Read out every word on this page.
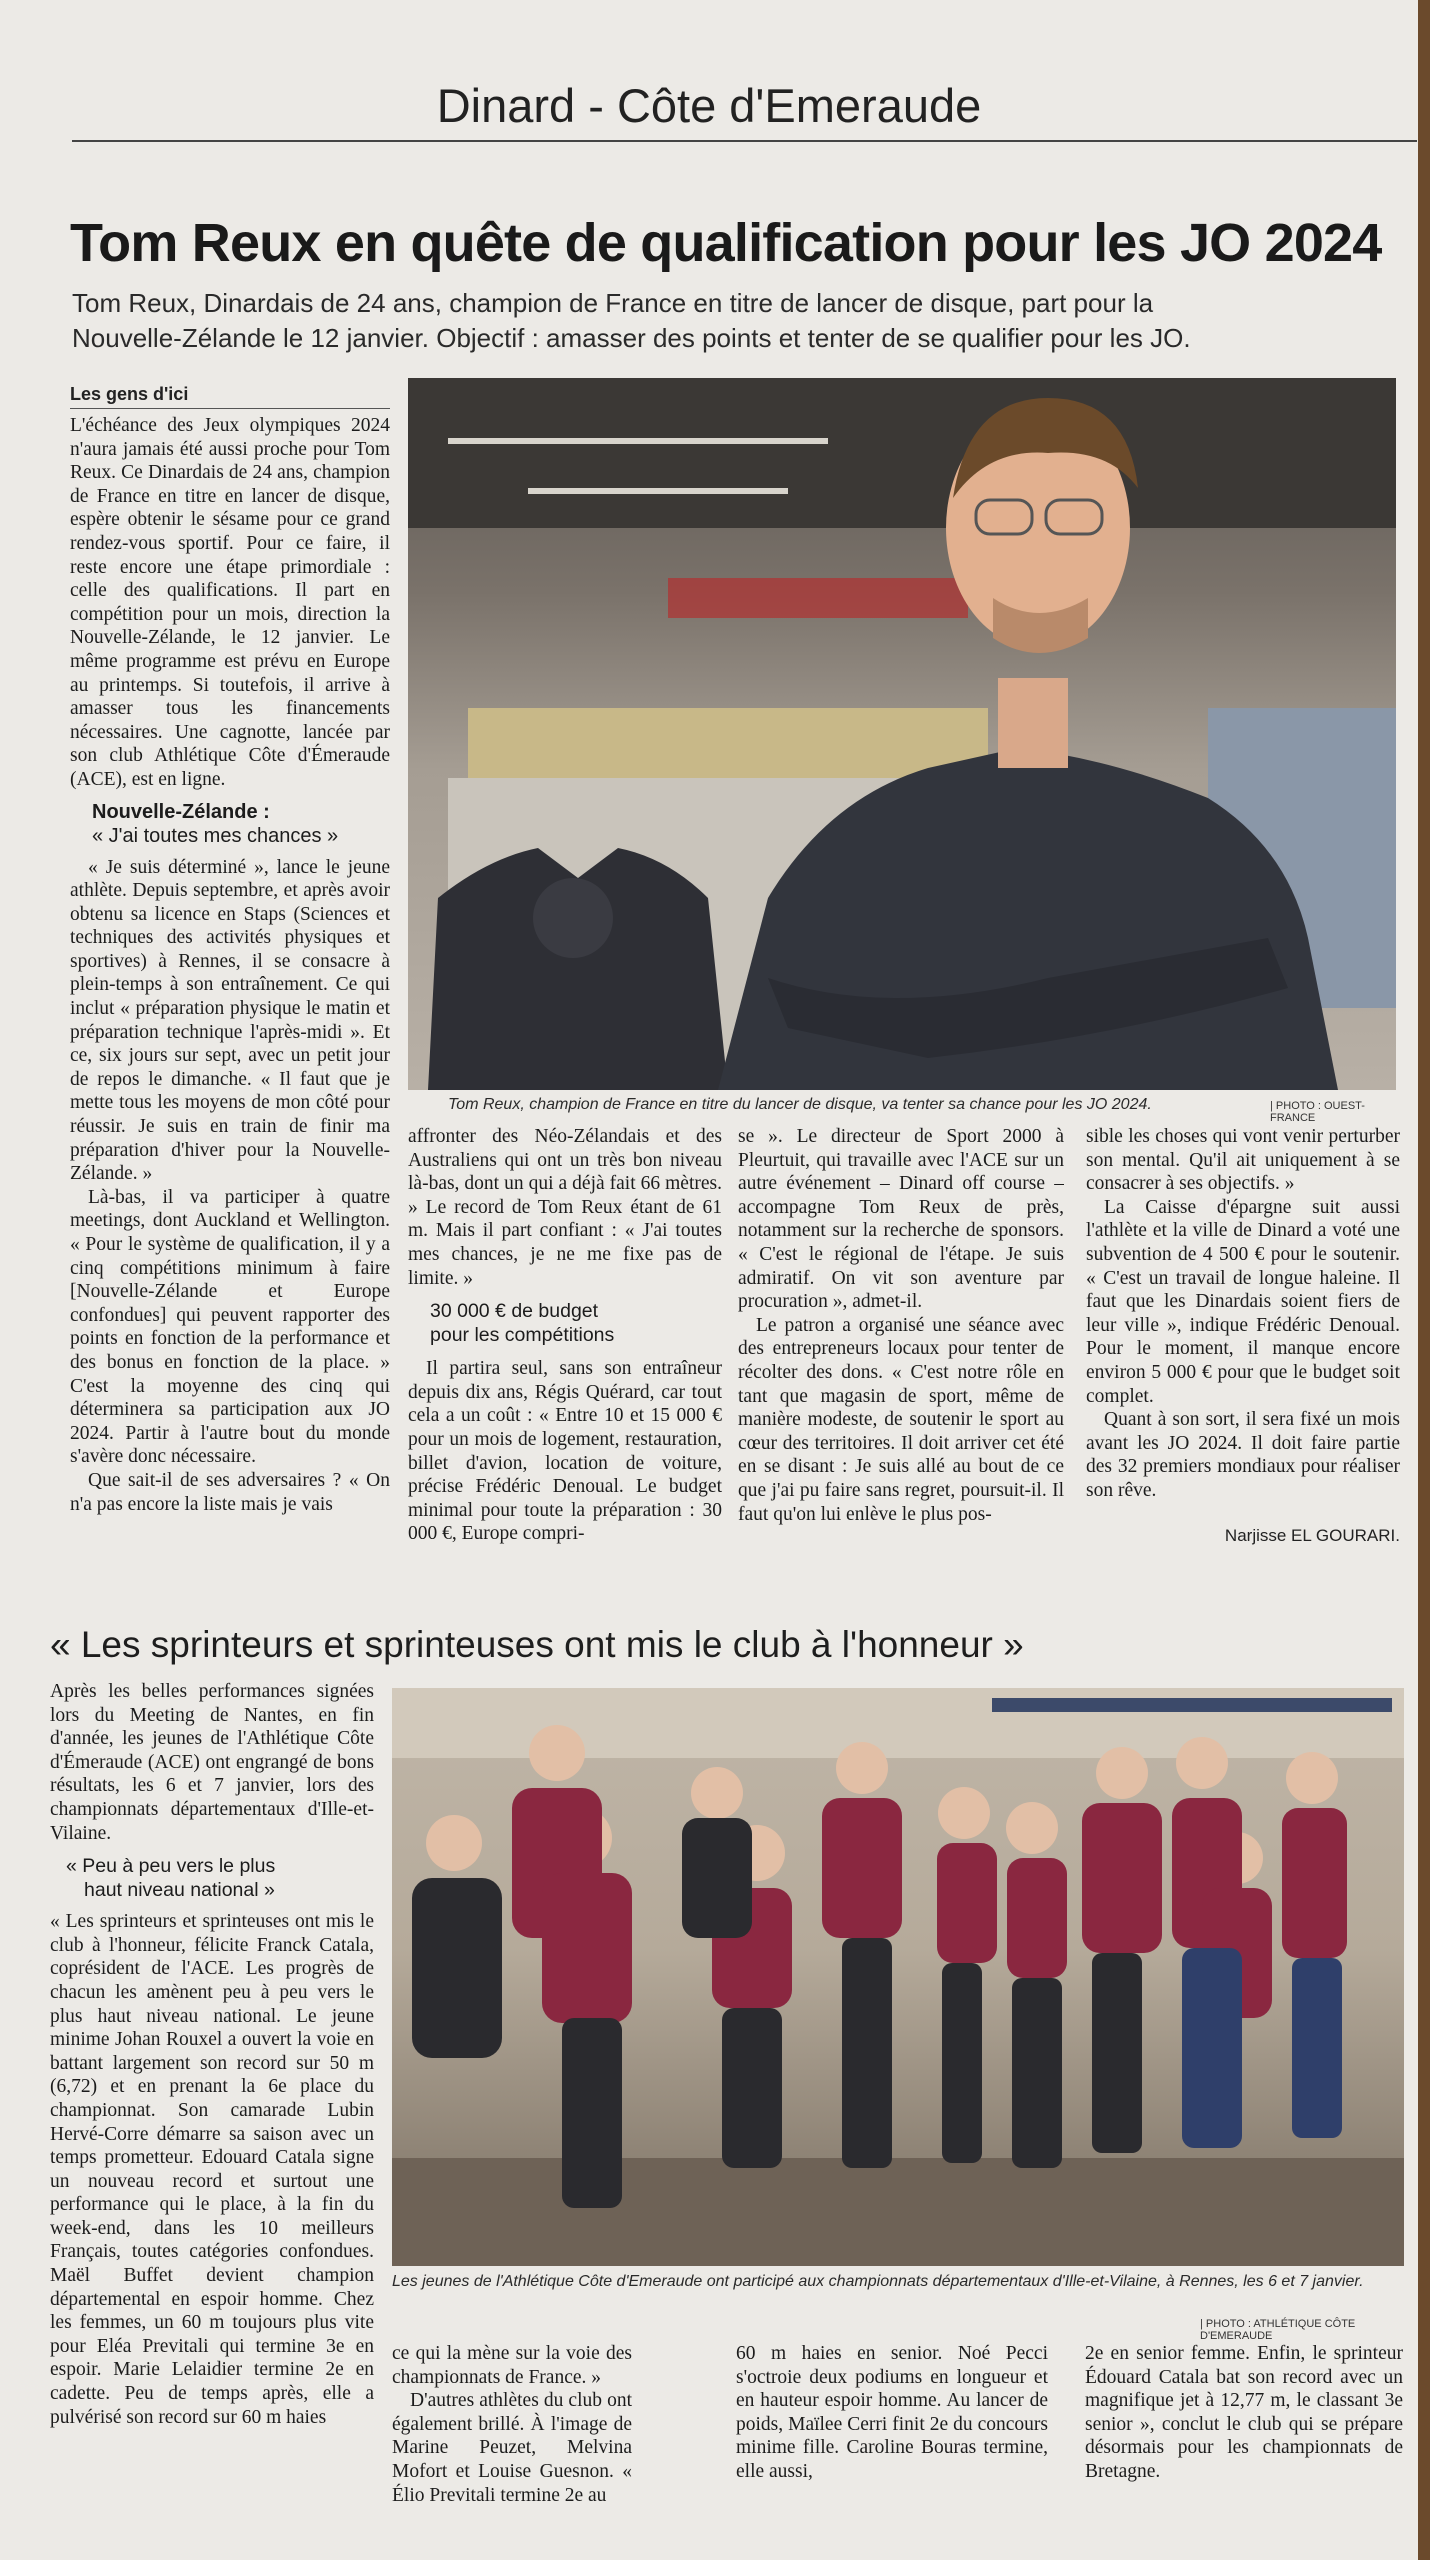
Dinard - Côte d'Emeraude
Tom Reux en quête de qualification pour les JO 2024
Tom Reux, Dinardais de 24 ans, champion de France en titre de lancer de disque, part pour la Nouvelle-Zélande le 12 janvier. Objectif : amasser des points et tenter de se qualifier pour les JO.
Les gens d'ici

L'échéance des Jeux olympiques 2024 n'aura jamais été aussi proche pour Tom Reux. Ce Dinardais de 24 ans, champion de France en titre en lancer de disque, espère obtenir le sésame pour ce grand rendez-vous sportif. Pour ce faire, il reste encore une étape primordiale : celle des qualifications. Il part en compétition pour un mois, direction la Nouvelle-Zélande, le 12 janvier. Le même programme est prévu en Europe au printemps. Si toutefois, il arrive à amasser tous les financements nécessaires. Une cagnotte, lancée par son club Athlétique Côte d'Émeraude (ACE), est en ligne.

Nouvelle-Zélande :
« J'ai toutes mes chances »

« Je suis déterminé », lance le jeune athlète. Depuis septembre, et après avoir obtenu sa licence en Staps (Sciences et techniques des activités physiques et sportives) à Rennes, il se consacre à plein-temps à son entraînement. Ce qui inclut « préparation physique le matin et préparation technique l'après-midi ». Et ce, six jours sur sept, avec un petit jour de repos le dimanche. « Il faut que je mette tous les moyens de mon côté pour réussir. Je suis en train de finir ma préparation d'hiver pour la Nouvelle-Zélande. »

Là-bas, il va participer à quatre meetings, dont Auckland et Wellington. « Pour le système de qualification, il y a cinq compétitions minimum à faire [Nouvelle-Zélande et Europe confondues] qui peuvent rapporter des points en fonction de la performance et des bonus en fonction de la place. » C'est la moyenne des cinq qui déterminera sa participation aux JO 2024. Partir à l'autre bout du monde s'avère donc nécessaire.

Que sait-il de ses adversaires ? « On n'a pas encore la liste mais je vais

Tom Reux, champion de France en titre du lancer de disque, va tenter sa chance pour les JO 2024.	| PHOTO : OUEST-FRANCE

affronter des Néo-Zélandais et des Australiens qui ont un très bon niveau là-bas, dont un qui a déjà fait 66 mètres. » Le record de Tom Reux étant de 61 m. Mais il part confiant : « J'ai toutes mes chances, je ne me fixe pas de limite. »

30 000 € de budget
pour les compétitions

Il partira seul, sans son entraîneur depuis dix ans, Régis Quérard, car tout cela a un coût : « Entre 10 et 15 000 € pour un mois de logement, restauration, billet d'avion, location de voiture, précise Frédéric Denoual. Le budget minimal pour toute la préparation : 30 000 €, Europe compri-

se ». Le directeur de Sport 2000 à Pleurtuit, qui travaille avec l'ACE sur un autre événement – Dinard off course – accompagne Tom Reux de près, notamment sur la recherche de sponsors. « C'est le régional de l'étape. Je suis admiratif. On vit son aventure par procuration », admet-il.

Le patron a organisé une séance avec des entrepreneurs locaux pour tenter de récolter des dons. « C'est notre rôle en tant que magasin de sport, même de manière modeste, de soutenir le sport au cœur des territoires. Il doit arriver cet été en se disant : Je suis allé au bout de ce que j'ai pu faire sans regret, poursuit-il. Il faut qu'on lui enlève le plus pos-

sible les choses qui vont venir perturber son mental. Qu'il ait uniquement à se consacrer à ses objectifs. »

La Caisse d'épargne suit aussi l'athlète et la ville de Dinard a voté une subvention de 4 500 € pour le soutenir. « C'est un travail de longue haleine. Il faut que les Dinardais soient fiers de leur ville », indique Frédéric Denoual. Pour le moment, il manque encore environ 5 000 € pour que le budget soit complet.

Quant à son sort, il sera fixé un mois avant les JO 2024. Il doit faire partie des 32 premiers mondiaux pour réaliser son rêve.

Narjisse EL GOURARI.
« Les sprinteurs et sprinteuses ont mis le club à l'honneur »

Après les belles performances signées lors du Meeting de Nantes, en fin d'année, les jeunes de l'Athlétique Côte d'Émeraude (ACE) ont engrangé de bons résultats, les 6 et 7 janvier, lors des championnats départementaux d'Ille-et-Vilaine.

« Peu à peu vers le plus
haut niveau national »

« Les sprinteurs et sprinteuses ont mis le club à l'honneur, félicite Franck Catala, coprésident de l'ACE. Les progrès de chacun les amènent peu à peu vers le plus haut niveau national. Le jeune minime Johan Rouxel a ouvert la voie en battant largement son record sur 50 m (6,72) et en prenant la 6e place du championnat. Son camarade Lubin Hervé-Corre démarre sa saison avec un temps prometteur. Edouard Catala signe un nouveau record et surtout une performance qui le place, à la fin du week-end, dans les 10 meilleurs Français, toutes catégories confondues. Maël Buffet devient champion départemental en espoir homme. Chez les femmes, un 60 m toujours plus vite pour Eléa Previtali qui termine 3e en espoir. Marie Lelaidier termine 2e en cadette. Peu de temps après, elle a pulvérisé son record sur 60 m haies

Les jeunes de l'Athlétique Côte d'Emeraude ont participé aux championnats départementaux d'Ille-et-Vilaine, à Rennes, les 6 et 7 janvier.
| PHOTO : ATHLÉTIQUE CÔTE D'EMERAUDE

ce qui la mène sur la voie des championnats de France. »

D'autres athlètes du club ont également brillé. À l'image de Marine Peuzet, Melvina Mofort et Louise Guesnon. « Élio Previtali termine 2e au

60 m haies en senior. Noé Pecci s'octroie deux podiums en longueur et en hauteur espoir homme. Au lancer de poids, Maïlee Cerri finit 2e du concours minime fille. Caroline Bouras termine, elle aussi,

2e en senior femme. Enfin, le sprinteur Édouard Catala bat son record avec un magnifique jet à 12,77 m, le classant 3e senior », conclut le club qui se prépare désormais pour les championnats de Bretagne.
